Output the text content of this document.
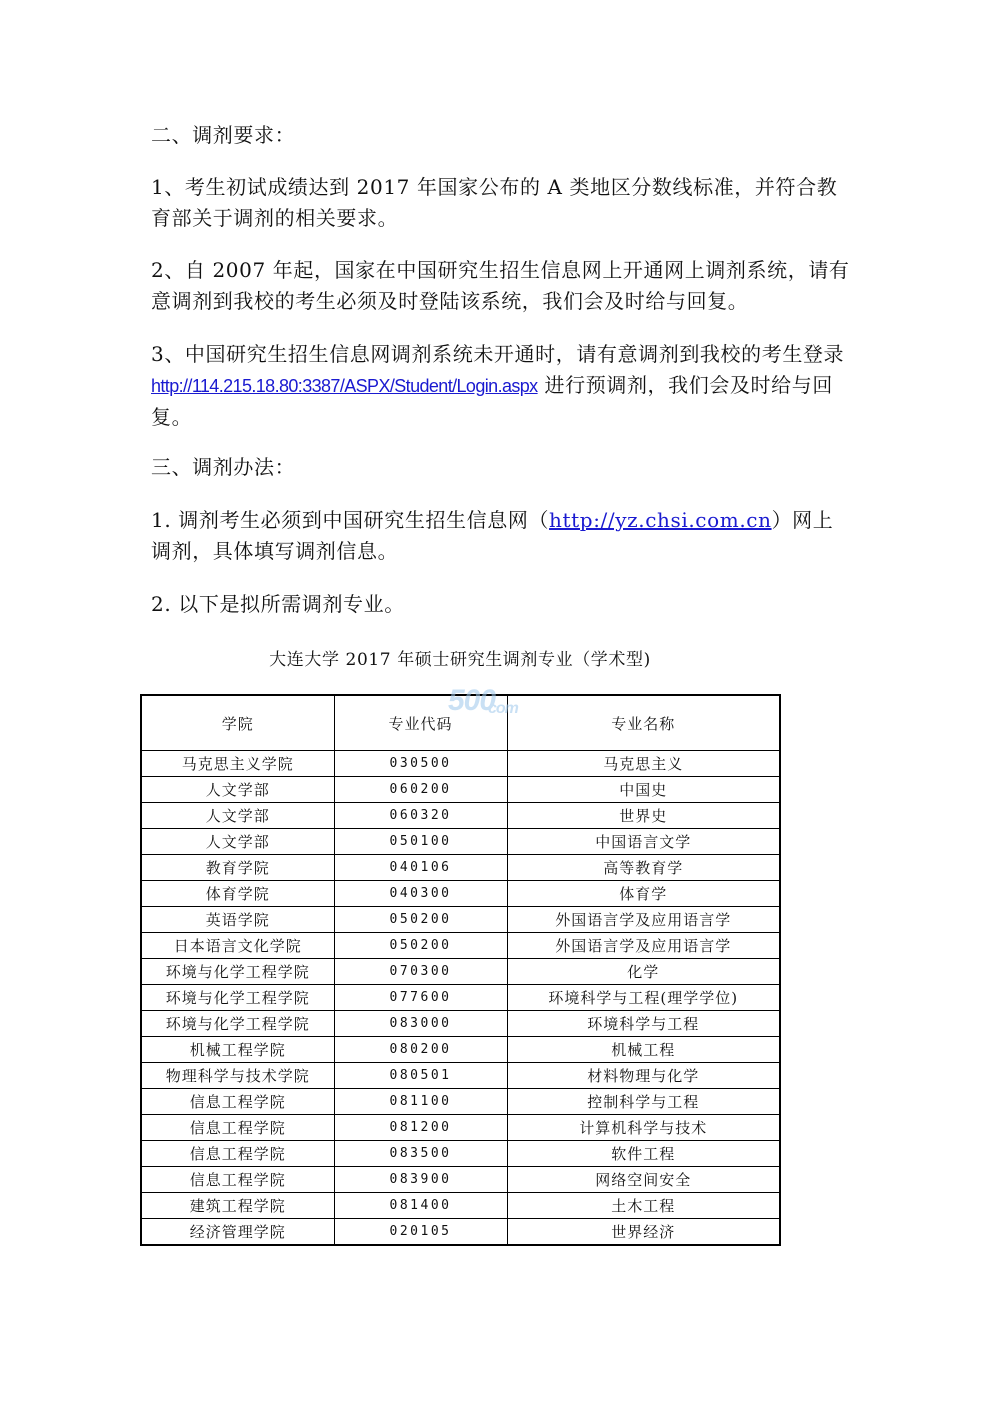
二、调剂要求：

1、考生初试成绩达到 2017 年国家公布的 A 类地区分数线标准，并符合教育部关于调剂的相关要求。

2、自 2007 年起，国家在中国研究生招生信息网上开通网上调剂系统，请有意调剂到我校的考生必须及时登陆该系统，我们会及时给与回复。

3、中国研究生招生信息网调剂系统未开通时，请有意调剂到我校的考生登录 http://114.215.18.80:3387/ASPX/Student/Login.aspx 进行预调剂，我们会及时给与回复。

三、调剂办法：

1. 调剂考生必须到中国研究生招生信息网（http://yz.chsi.com.cn）网上调剂，具体填写调剂信息。

2. 以下是拟所需调剂专业。

大连大学 2017 年硕士研究生调剂专业（学术型)
学院	专业代码	专业名称
马克思主义学院	030500	马克思主义
人文学部	060200	中国史
人文学部	060320	世界史
人文学部	050100	中国语言文学
教育学院	040106	高等教育学
体育学院	040300	体育学
英语学院	050200	外国语言学及应用语言学
日本语言文化学院	050200	外国语言学及应用语言学
环境与化学工程学院	070300	化学
环境与化学工程学院	077600	环境科学与工程(理学学位)
环境与化学工程学院	083000	环境科学与工程
机械工程学院	080200	机械工程
物理科学与技术学院	080501	材料物理与化学
信息工程学院	081100	控制科学与工程
信息工程学院	081200	计算机科学与技术
信息工程学院	083500	软件工程
信息工程学院	083900	网络空间安全
建筑工程学院	081400	土木工程
经济管理学院	020105	世界经济
500
com
